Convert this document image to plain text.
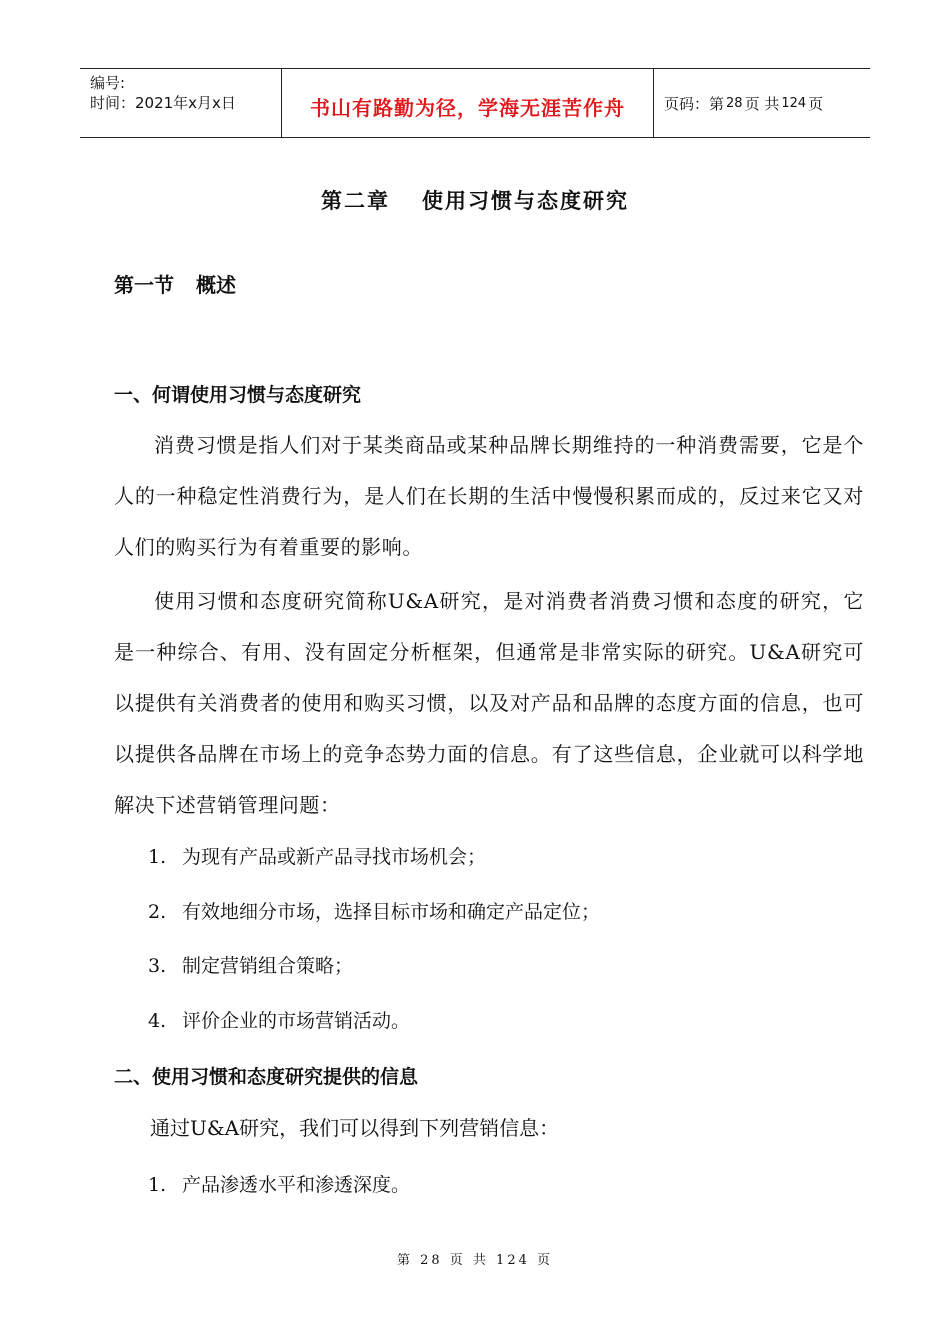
编号:
时间：2021年x月x日	书山有路勤为径，学海无涯苦作舟	页码：第 28 页 共 124 页
第二章 使用习惯与态度研究
第一节 概述
一、何谓使用习惯与态度研究

消费习惯是指人们对于某类商品或某种品牌长期维持的一种消费需要，它是个人的一种稳定性消费行为，是人们在长期的生活中慢慢积累而成的，反过来它又对人们的购买行为有着重要的影响。

使用习惯和态度研究简称U&A研究，是对消费者消费习惯和态度的研究，它是一种综合、有用、没有固定分析框架，但通常是非常实际的研究。U&A研究可以提供有关消费者的使用和购买习惯，以及对产品和品牌的态度方面的信息，也可以提供各品牌在市场上的竞争态势力面的信息。有了这些信息，企业就可以科学地解决下述营销管理问题：

1. 为现有产品或新产品寻找市场机会；
2. 有效地细分市场，选择目标市场和确定产品定位；
3. 制定营销组合策略；
4. 评价企业的市场营销活动。
二、使用习惯和态度研究提供的信息

通过U&A研究，我们可以得到下列营销信息：

1. 产品渗透水平和渗透深度。
第 28 页 共 124 页
